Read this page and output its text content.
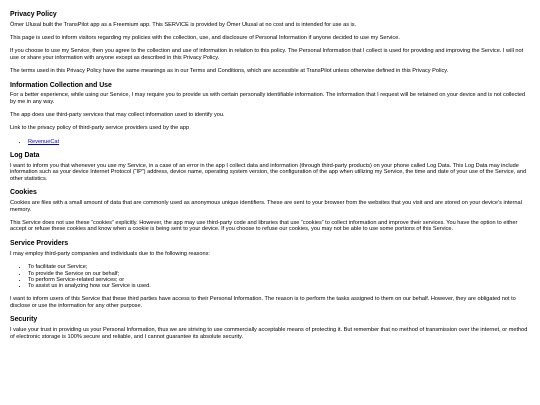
Privacy Policy

Ömer Ulusal built the TransPilot app as a Freemium app. This SERVICE is provided by Ömer Ulusal at no cost and is intended for use as is.

This page is used to inform visitors regarding my policies with the collection, use, and disclosure of Personal Information if anyone decided to use my Service.

If you choose to use my Service, then you agree to the collection and use of information in relation to this policy. The Personal Information that I collect is used for providing and improving the Service. I will not use or share your information with anyone except as described in this Privacy Policy.

The terms used in this Privacy Policy have the same meanings as in our Terms and Conditions, which are accessible at TransPilot unless otherwise defined in this Privacy Policy.

Information Collection and Use

For a better experience, while using our Service, I may require you to provide us with certain personally identifiable information. The information that I request will be retained on your device and is not collected by me in any way.

The app does use third-party services that may collect information used to identify you.

Link to the privacy policy of third-party service providers used by the app

• RevenueCat
Log Data

I want to inform you that whenever you use my Service, in a case of an error in the app I collect data and information (through third-party products) on your phone called Log Data. This Log Data may include information such as your device Internet Protocol (“IP”) address, device name, operating system version, the configuration of the app when utilizing my Service, the time and date of your use of the Service, and other statistics.

Cookies

Cookies are files with a small amount of data that are commonly used as anonymous unique identifiers. These are sent to your browser from the websites that you visit and are stored on your device's internal memory.

This Service does not use these “cookies” explicitly. However, the app may use third-party code and libraries that use “cookies” to collect information and improve their services. You have the option to either accept or refuse these cookies and know when a cookie is being sent to your device. If you choose to refuse our cookies, you may not be able to use some portions of this Service.

Service Providers

I may employ third-party companies and individuals due to the following reasons:

• To facilitate our Service;
• To provide the Service on our behalf;
• To perform Service-related services; or
• To assist us in analyzing how our Service is used.

I want to inform users of this Service that these third parties have access to their Personal Information. The reason is to perform the tasks assigned to them on our behalf. However, they are obligated not to disclose or use the information for any other purpose.

Security

I value your trust in providing us your Personal Information, thus we are striving to use commercially acceptable means of protecting it. But remember that no method of transmission over the internet, or method of electronic storage is 100% secure and reliable, and I cannot guarantee its absolute security.
